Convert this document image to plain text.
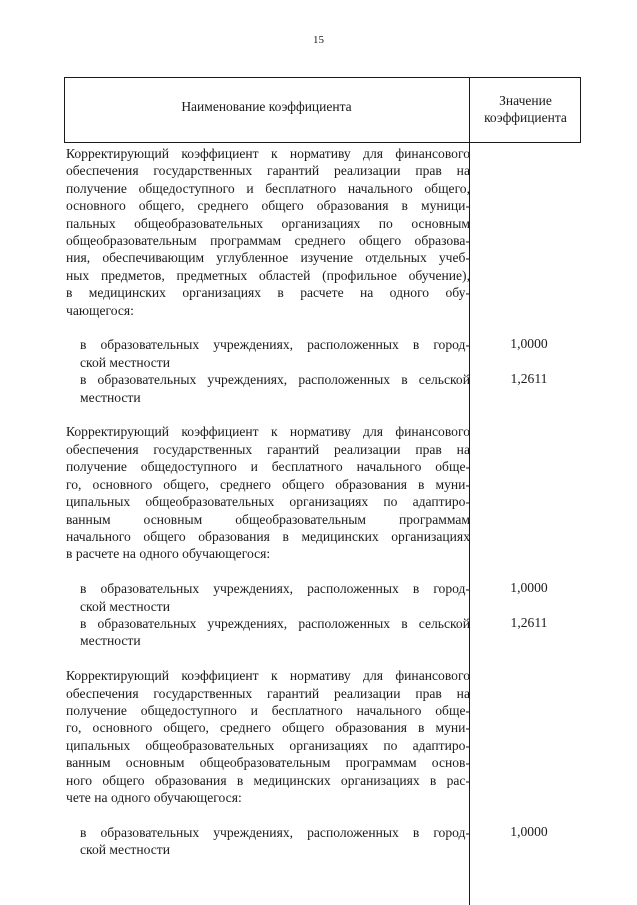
15
Наименование коэффициента	Значение
коэффициента
Корректирующий коэффициент к нормативу для финансового
обеспечения государственных гарантий реализации прав на
получение общедоступного и бесплатного начального общего,
основного общего, среднего общего образования в муници-
пальных общеобразовательных организациях по основным
общеобразовательным программам среднего общего образова-
ния, обеспечивающим углубленное изучение отдельных учеб-
ных предметов, предметных областей (профильное обучение),
в медицинских организациях в расчете на одного обу-
чающегося:
в образовательных учреждениях, расположенных в город-
ской местности
в образовательных учреждениях, расположенных в сельской
местности
Корректирующий коэффициент к нормативу для финансового
обеспечения государственных гарантий реализации прав на
получение общедоступного и бесплатного начального обще-
го, основного общего, среднего общего образования в муни-
ципальных общеобразовательных организациях по адаптиро-
ванным основным общеобразовательным программам
начального общего образования в медицинских организациях
в расчете на одного обучающегося:
в образовательных учреждениях, расположенных в город-
ской местности
в образовательных учреждениях, расположенных в сельской
местности
Корректирующий коэффициент к нормативу для финансового
обеспечения государственных гарантий реализации прав на
получение общедоступного и бесплатного начального обще-
го, основного общего, среднего общего образования в муни-
ципальных общеобразовательных организациях по адаптиро-
ванным основным общеобразовательным программам основ-
ного общего образования в медицинских организациях в рас-
чете на одного обучающегося:
в образовательных учреждениях, расположенных в город-
ской местности
1,0000
1,2611
1,0000
1,2611
1,0000
